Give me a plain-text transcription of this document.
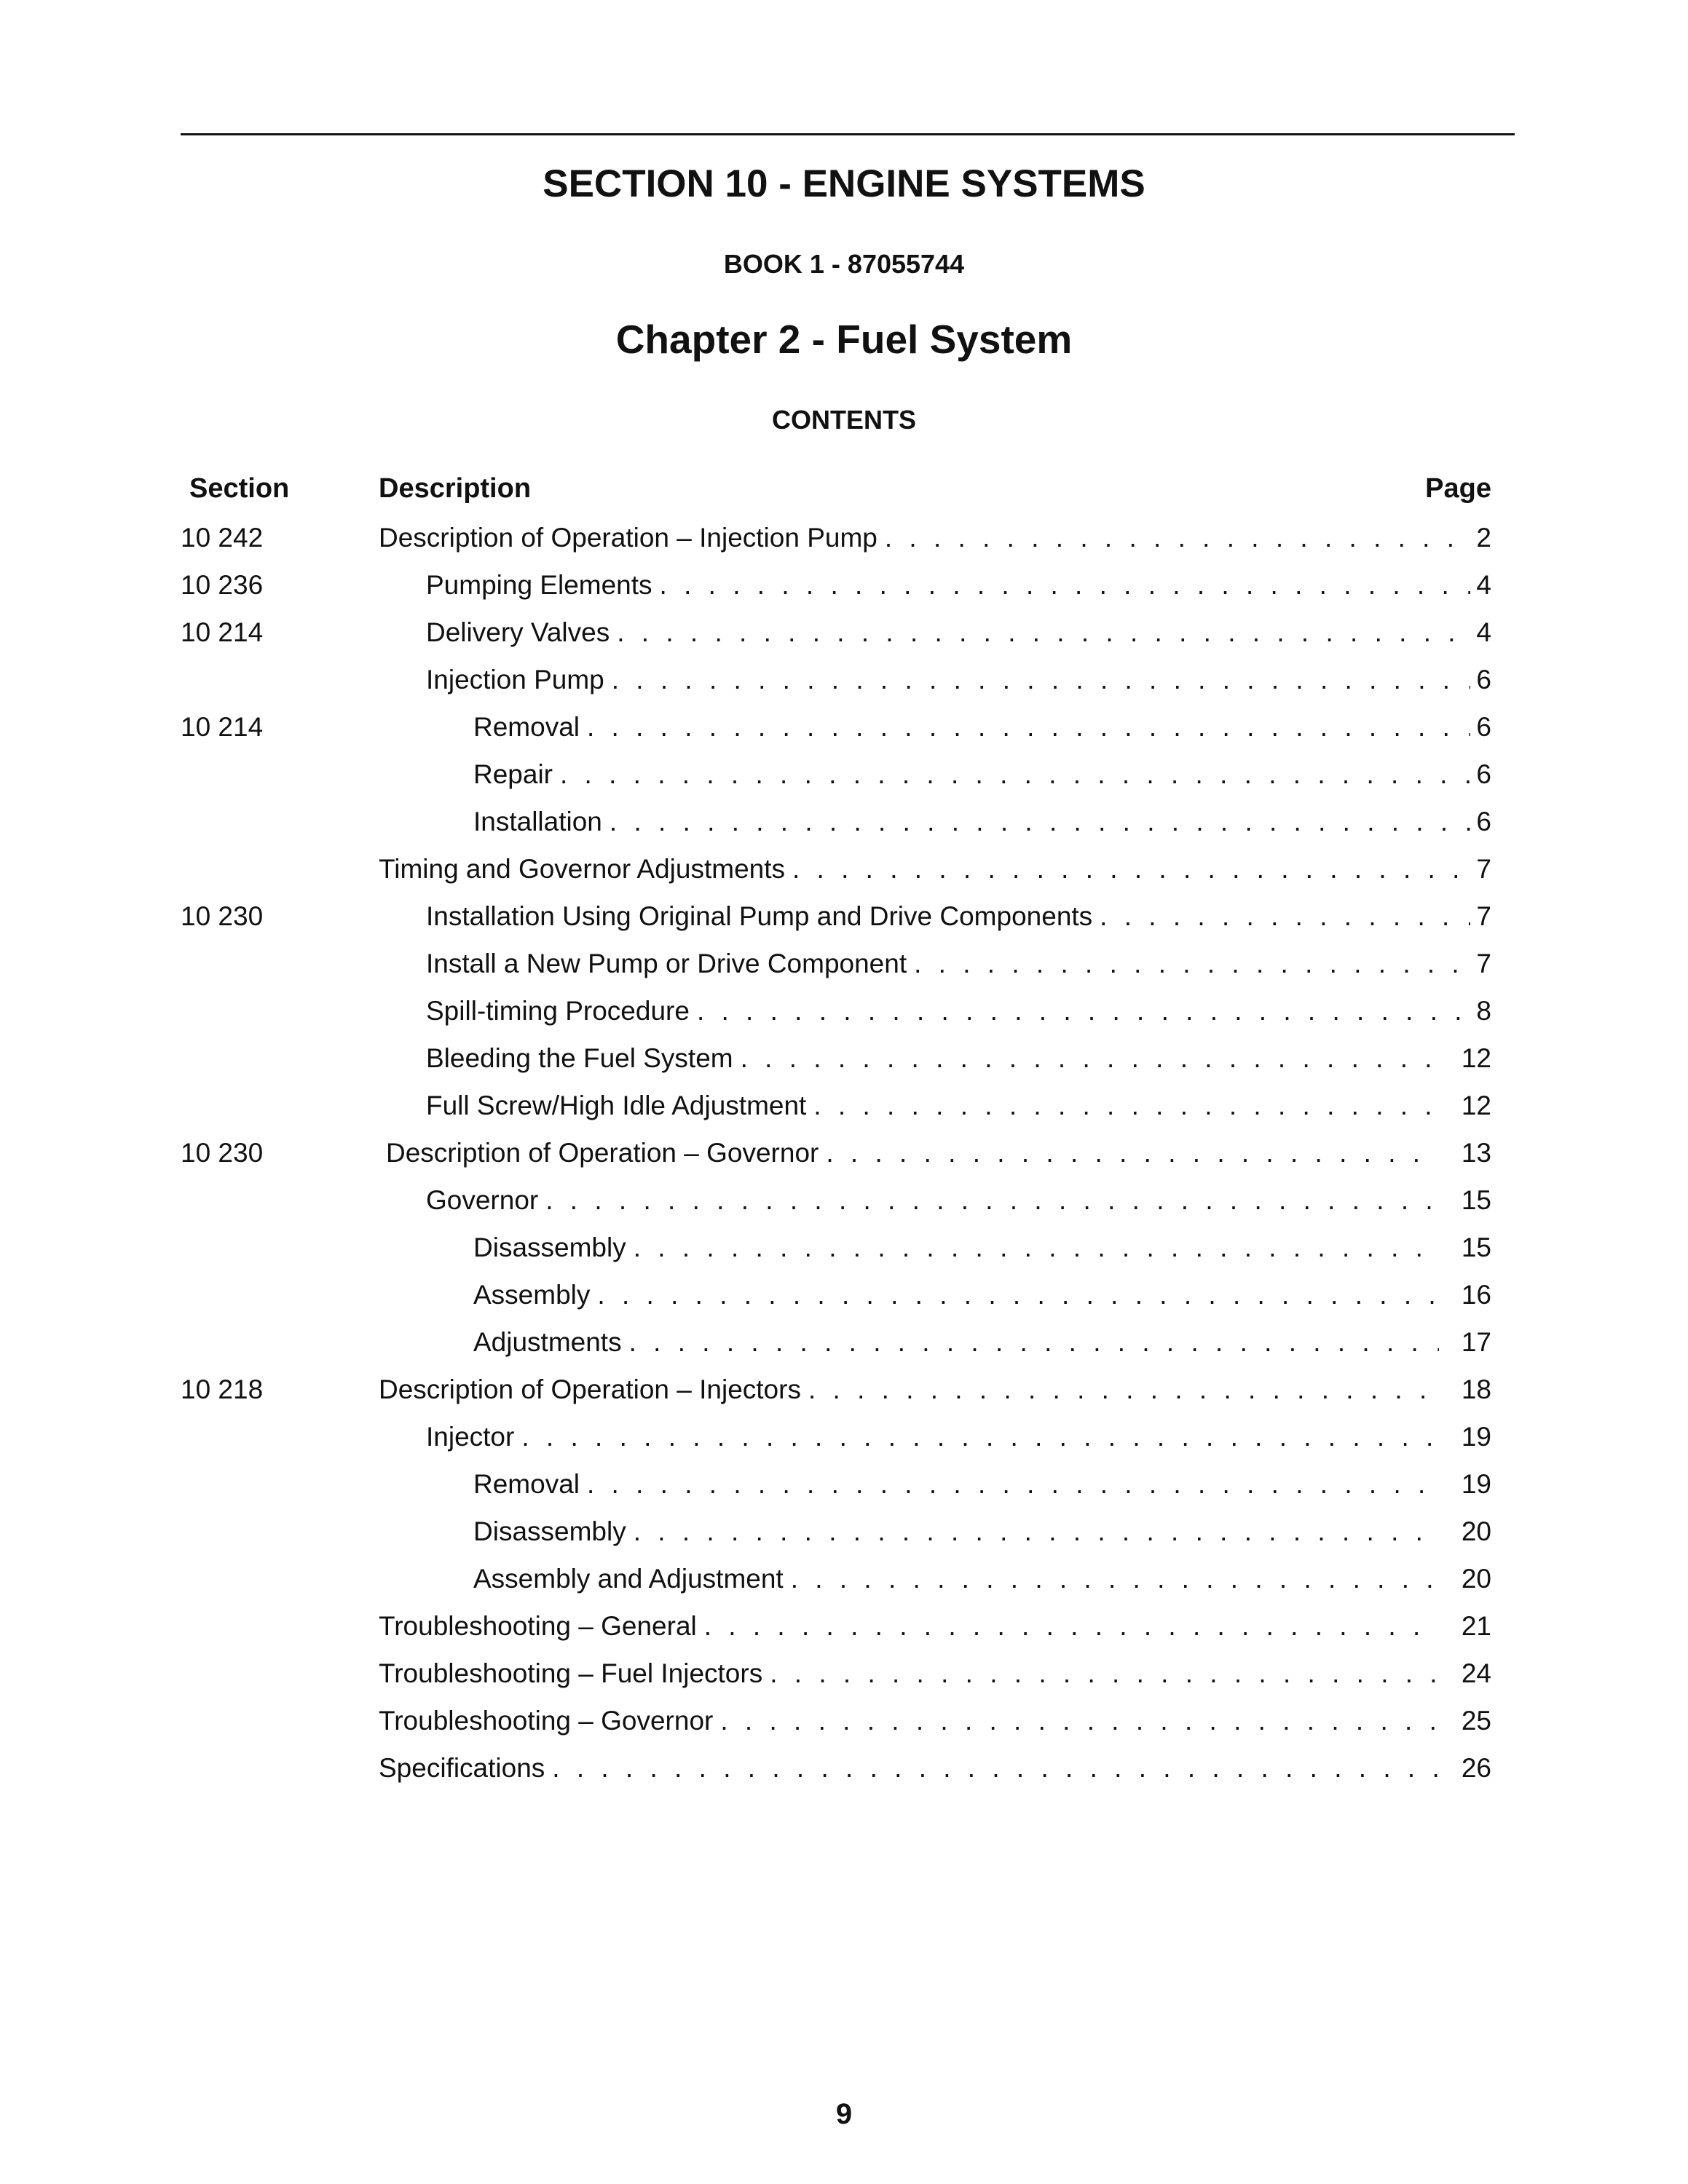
SECTION 10 - ENGINE SYSTEMS
BOOK 1 - 87055744
Chapter 2 - Fuel System
CONTENTS
Section	Description	Page
10 242	Description of Operation – Injection Pump . . .	2
10 236	Pumping Elements . . .	4
10 214	Delivery Valves . . .	4
Injection Pump . . .	6
10 214	Removal . . .	6
Repair . . .	6
Installation . . .	6
Timing and Governor Adjustments . . .	7
10 230	Installation Using Original Pump and Drive Components . . .	7
Install a New Pump or Drive Component . . .	7
Spill-timing Procedure . . .	8
Bleeding the Fuel System . . .	12
Full Screw/High Idle Adjustment . . .	12
10 230	Description of Operation – Governor . . .	13
Governor . . .	15
Disassembly . . .	15
Assembly . . .	16
Adjustments . . .	17
10 218	Description of Operation – Injectors . . .	18
Injector . . .	19
Removal . . .	19
Disassembly . . .	20
Assembly and Adjustment . . .	20
Troubleshooting – General . . .	21
Troubleshooting – Fuel Injectors . . .	24
Troubleshooting – Governor . . .	25
Specifications . . .	26
9
